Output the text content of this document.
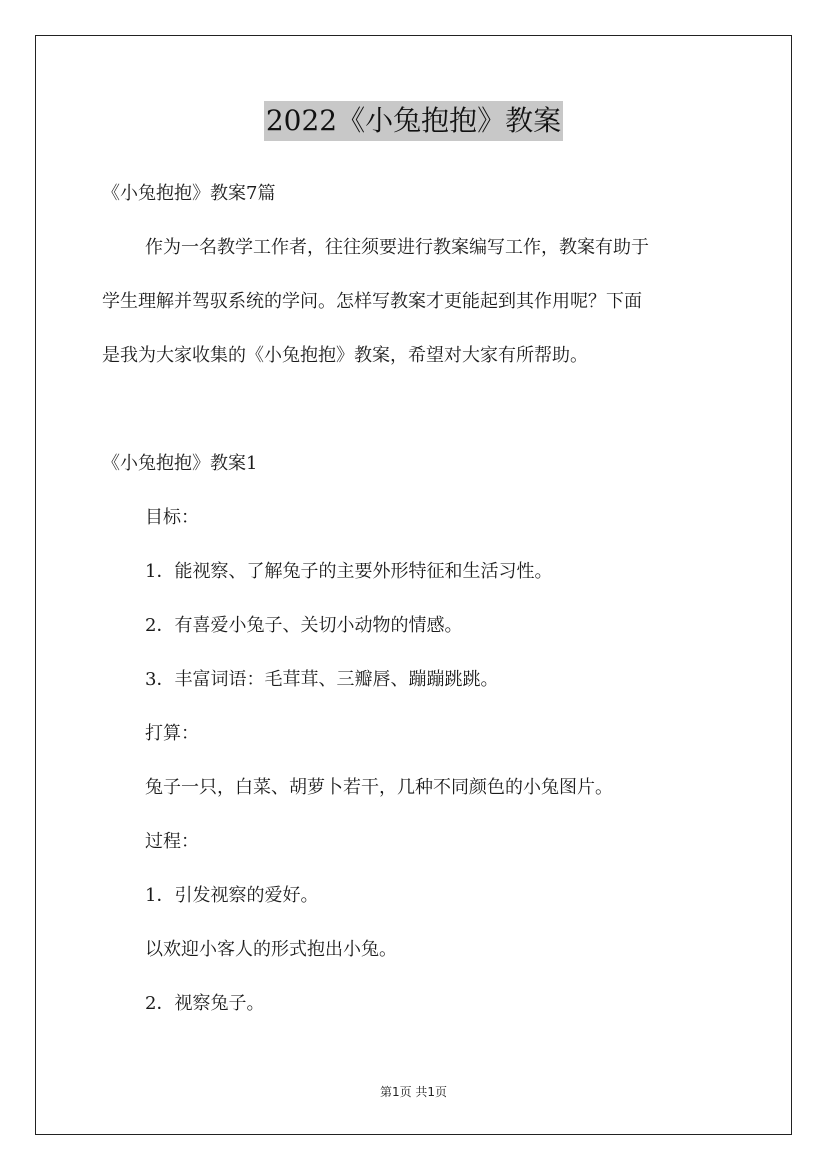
2022《小兔抱抱》教案
《小兔抱抱》教案7篇
作为一名教学工作者，往往须要进行教案编写工作，教案有助于
学生理解并驾驭系统的学问。怎样写教案才更能起到其作用呢？下面
是我为大家收集的《小兔抱抱》教案，希望对大家有所帮助。
《小兔抱抱》教案1
目标：
1．能视察、了解兔子的主要外形特征和生活习性。
2．有喜爱小兔子、关切小动物的情感。
3．丰富词语：毛茸茸、三瓣唇、蹦蹦跳跳。
打算：
兔子一只，白菜、胡萝卜若干，几种不同颜色的小兔图片。
过程：
1．引发视察的爱好。
以欢迎小客人的形式抱出小兔。
2．视察兔子。
第1页 共1页
